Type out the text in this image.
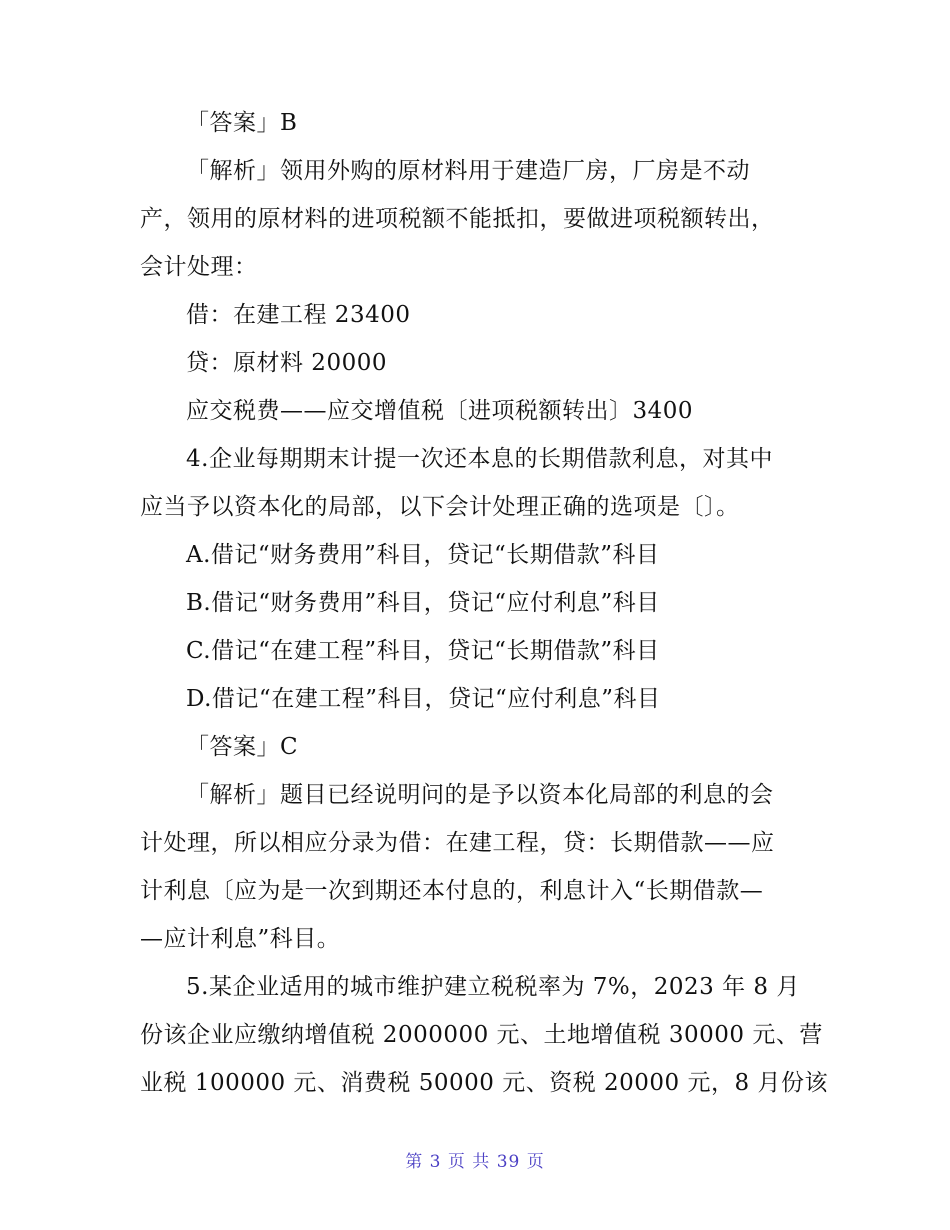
「答案」B
「解析」领用外购的原材料用于建造厂房，厂房是不动
产，领用的原材料的进项税额不能抵扣，要做进项税额转出，
会计处理：
借：在建工程 23400
贷：原材料 20000
应交税费——应交增值税〔进项税额转出〕3400
4.企业每期期末计提一次还本息的长期借款利息，对其中
应当予以资本化的局部，以下会计处理正确的选项是〔〕。
A.借记“财务费用”科目，贷记“长期借款”科目
B.借记“财务费用”科目，贷记“应付利息”科目
C.借记“在建工程”科目，贷记“长期借款”科目
D.借记“在建工程”科目，贷记“应付利息”科目
「答案」C
「解析」题目已经说明问的是予以资本化局部的利息的会
计处理，所以相应分录为借：在建工程，贷：长期借款——应
计利息〔应为是一次到期还本付息的，利息计入“长期借款—
—应计利息”科目。
5.某企业适用的城市维护建立税税率为 7%，2023 年 8 月
份该企业应缴纳增值税 2000000 元、土地增值税 30000 元、营
业税 100000 元、消费税 50000 元、资税 20000 元，8 月份该
第 3 页 共 39 页
